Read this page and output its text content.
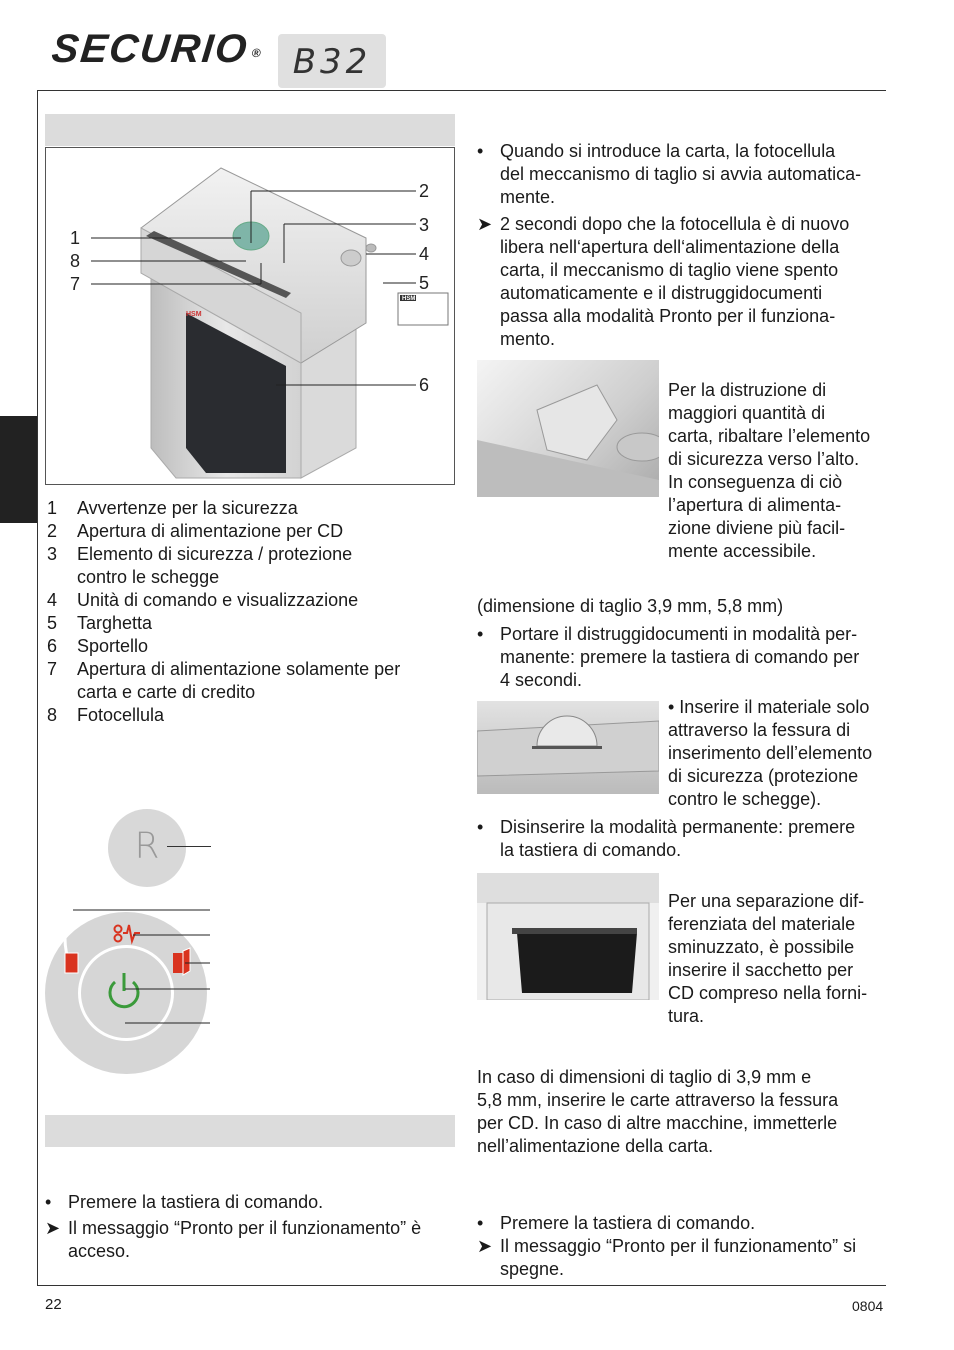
SECURIO® B32
HSM
1
8
7
2
3
4
5
6
HSM
1 Avvertenze per la sicurezza
2 Apertura di alimentazione per CD
3 Elemento di sicurezza / protezione
contro le schegge
4 Unità di comando e visualizzazione
5 Targhetta
6 Sportello
7 Apertura di alimentazione solamente per
carta e carte di credito
8 Fotocellula
R
• Premere la tastiera di comando.
➤ Il messaggio “Pronto per il funzionamento” è
acceso.
• Quando si introduce la carta, la fotocellula
del meccanismo di taglio si avvia automatica-
mente.
➤ 2 secondi dopo che la fotocellula è di nuovo
libera nell‘apertura dell‘alimentazione della
carta, il meccanismo di taglio viene spento
automaticamente e il distruggidocumenti
passa alla modalità Pronto per il funziona-
mento.
Per la distruzione di
maggiori quantità di
carta, ribaltare l’elemento
di sicurezza verso l’alto.
In conseguenza di ciò
l’apertura di alimenta-
zione diviene più facil-
mente accessibile.
(dimensione di taglio 3,9 mm, 5,8 mm)
• Portare il distruggidocumenti in modalità per-
manente: premere la tastiera di comando per
4 secondi.
• Inserire il materiale solo
attraverso la fessura di
inserimento dell’elemento
di sicurezza (protezione
contro le schegge).
• Disinserire la modalità permanente: premere
la tastiera di comando.
Per una separazione dif-
ferenziata del materiale
sminuzzato, è possibile
inserire il sacchetto per
CD compreso nella forni-
tura.
In caso di dimensioni di taglio di 3,9 mm e
5,8 mm, inserire le carte attraverso la fessura
per CD. In caso di altre macchine, immetterle
nell’alimentazione della carta.
• Premere la tastiera di comando.
➤ Il messaggio “Pronto per il funzionamento” si
spegne.
22	0804
